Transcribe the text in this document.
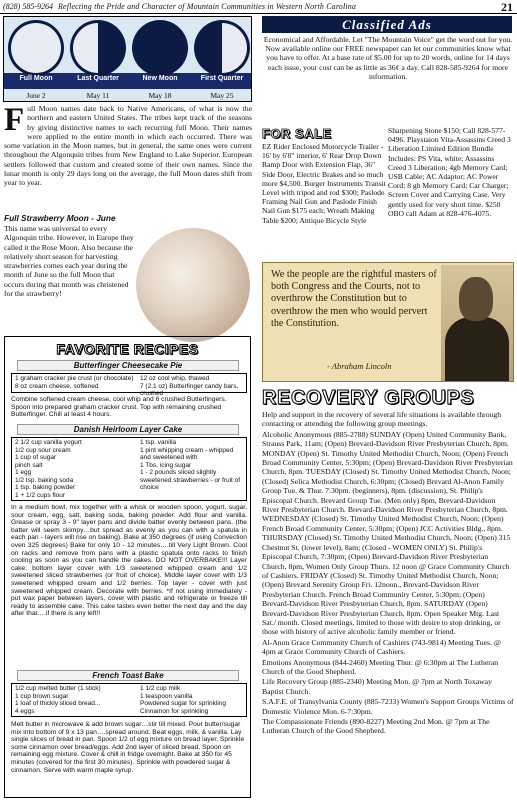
(828) 585-9264 Reflecting the Pride and Character of Mountain Communities in Western North Carolina	21
Full Moon	Last Quarter	New Moon	First Quarter
June 2	May 11	May 18	May 25
F ull Moon names date back to Native Americans, of what is now the northern and eastern United States. The tribes kept track of the seasons by giving distinctive names to each recurring full Moon. Their names were applied to the entire month in which each occurred. There was some variation in the Moon names, but in general, the same ones were current throughout the Algonquin tribes from New England to Lake Superior. European settlers followed that custom and created some of their own names. Since the lunar month is only 29 days long on the average, the full Moon dates shift from year to year.
Full Strawberry Moon - June
This name was universal to every Algonquin tribe. However, in Europe they called it the Rose Moon. Also because the relatively short season for harvesting strawberries comes each year during the month of June so the full Moon that occurs during that month was christened for the strawberry!
FAVORITE RECIPES
Butterfinger Cheesecake Pie
1 graham cracker pie crust (or chocolate)
8 oz cream cheese, softened
12 oz cool whip, thawed
7 (2.1 oz) Butterfinger candy bars, crushed
Combine softened cream cheese, cool whip and 6 crushed Butterfingers. Spoon into prepared graham cracker crust. Top with remaining crushed Butterfinger. Chill at least 4 hours.
Danish Heirloom Layer Cake
2 1/2 cup vanilla yogurt
1/2 cup sour cream
1 cup of sugar
pinch salt
1 egg
1/2 tsp. baking soda
1 tsp. baking powder
1 + 1/2 cups flour
1 tsp. vanilla
1 pint whipping cream - whipped and sweetened with
1 Tbs. icing sugar
1 - 2 pounds sliced slightly sweetened strawberries - or fruit of choice
In a medium bowl, mix together with a whisk or wooden spoon, yogurt, sugar, sour cream, egg, salt, baking soda, baking powder. Add flour and vanilla. Grease or spray 3 - 9" layer pans and divide batter evenly between pans. (the batter will seem skimpy…but spread as evenly as you can with a spatula in each pan - layers will rise on baking). Bake at 350 degrees (if using Convection oven 325 degrees) Bake for only 10 - 12 minutes….till Very Light Brown. Cool on racks and remove from pans with a plastic spatula onto racks to finish cooling as soon as you can handle the cakes. DO NOT OVERBAKE!!! Layer cake: bottom layer cover with 1/3 sweetened whipped cream and 1/2 sweetened sliced strawberries (or fruit of choice). Middle layer cover with 1/3 sweetened whipped cream and 1/2 berries. Top layer - cover with just sweetened whipped cream. Decorate with berries. *If not using immediately - put wax paper between layers, cover with plastic and refrigerate or freeze till ready to assemble cake. This cake tastes even better the next day and the day after that….if there is any left!!
French Toast Bake
1/2 cup melted butter (1 stick)
1 cup brown sugar
1 loaf of thickly sliced bread...
4 eggs
1 1/2 cup milk
1 teaspoon vanilla
Powdered sugar for sprinkling
Cinnamon for sprinkling
Melt butter in microwave & add brown sugar…stir till mixed. Pour butter/sugar mix into bottom of 9 x 13 pan….spread around. Beat eggs, milk, & vanilla. Lay single slices of bread in pan. Spoon 1/2 of egg mixture on bread layer. Sprinkle some cinnamon over bread/eggs. Add 2nd layer of sliced bread. Spoon on remaining egg mixture. Cover & chill in fridge overnight. Bake at 350 for 45 minutes (covered for the first 30 minutes). Sprinkle with powdered sugar & cinnamon. Serve with warm maple syrup.
Classified Ads
Economical and Affordable. Let "The Mountain Voice" get the word out for you. Now available online our FREE newspaper can let our communities know what you have to offer. At a base rate of $5.00 for up to 20 words, online for 14 days each issue, your cost can be as little as 36¢ a day. Call 828-585-9264 for more information.
FOR SALE
EZ Rider Enclosed Motorcycle Trailer - 16' by 6'8" interior, 6' Rear Drop Down Ramp Door with Extension Flap, 36" Side Door, Electric Brakes and so much more $4,500. Burger Instruments Transit Level with tripod and rod $300; Paslode Framing Nail Gun and Paslode Finish Nail Gun $175 each; Wreath Making Table $200; Antique Bicycle Style
Sharpening Stone $150; Call 828-577-0496. Playstaion Vita-Assassins Creed 3 Liberation Limited Edition Bundle Includes: PS Vita, white; Assassins Creed 3 Liberation; 4gb Memory Card; USB Cable; AC Adaptor; AC Power Cord; 8 gb Memory Card; Car Charger; Screen Cover and Carrying Case. Very gently used for very short time. $250 OBO call Adam at 828-476-4075.
We the people are the rightful masters of both Congress and the Courts, not to overthrow the Constitution but to overthrow the men who would pervert the Constitution.
- Abraham Lincoln
RECOVERY GROUPS

Help and support in the recovery of several life situations is available through contacting or attending the following group meetings.

Alcoholic Anonymous (885-2788) SUNDAY (Open) United Community Bank, Strauss Park, 11am; (Open) Brevard-Davidson River Presbyterian Church, 8pm. MONDAY (Open) St. Timothy United Methodist Church, Noon; (Open) French Broad Community Center, 5:30pm; (Open) Brevard-Davidson River Presbyterian Church, 8pm. TUESDAY (Closed) St. Timothy United Methodist Church, Noon; (Closed) Selica Methodist Church, 6:30pm; (Closed) Brevard Al-Anon Family Group Tue. & Thur. 7:30pm. (beginners), 8pm. (discussion), St. Philip's Episcopal Church. Brevard Group Tue. (Men only) 8pm, Brevard-Davidson River Presbyterian Church. Brevard-Davidson River Presbyterian Church, 8pm. WEDNESDAY (Closed) St. Timothy United Methodist Church, Noon; (Open) French Broad Community Center, 5:30pm; (Open) JCC Activities Bldg., 8pm. THURSDAY (Closed) St. Timothy United Methodist Church, Noon; (Open) 315 Chestnut St. (lower level), 8am; (Closed - WOMEN ONLY) St. Philip's Episcopal Church, 7:30pm; (Open) Brevard-Davidson River Presbyterian Church, 8pm, Women Only Group Thurs. 12 noon @ Grace Community Church of Cashiers. FRIDAY (Closed) St. Timothy United Methodist Church, Noon; (Open) Brevard Serenity Group Fri. 12noon., Brevard-Davidson River Presbyterian Church. French Broad Community Center, 5:30pm; (Open) Brevard-Davidson River Presbyterian Church, 8pm. SATURDAY (Open) Brevard-Davidson River Presbyterian Church, 8pm. Open Speaker Mtg. Last Sat./ month. Closed meetings, limited to those with desire to stop drinking, or those with history of active alcoholic family member or friend.

Al-Anon Grace Community Church of Cashiers (743-9814) Meeting Tues. @ 4pm at Grace Community Church of Cashiers.

Emotions Anonymous (844-2460) Meeting Thur. @ 6:30pm at The Lutheran Church of the Good Shepherd.

Life Recovery Group (885-2340) Meeting Mon. @ 7pm at North Toxaway Baptist Church.

S.A.F.E. of Transylvania County (885-7233) Women's Support Groups Victims of Domestic Violence Mon. 6-7:30pm.

The Compassionate Friends (890-8227) Meeting 2nd Mon. @ 7pm at The Lutheran Church of the Good Shepherd.
